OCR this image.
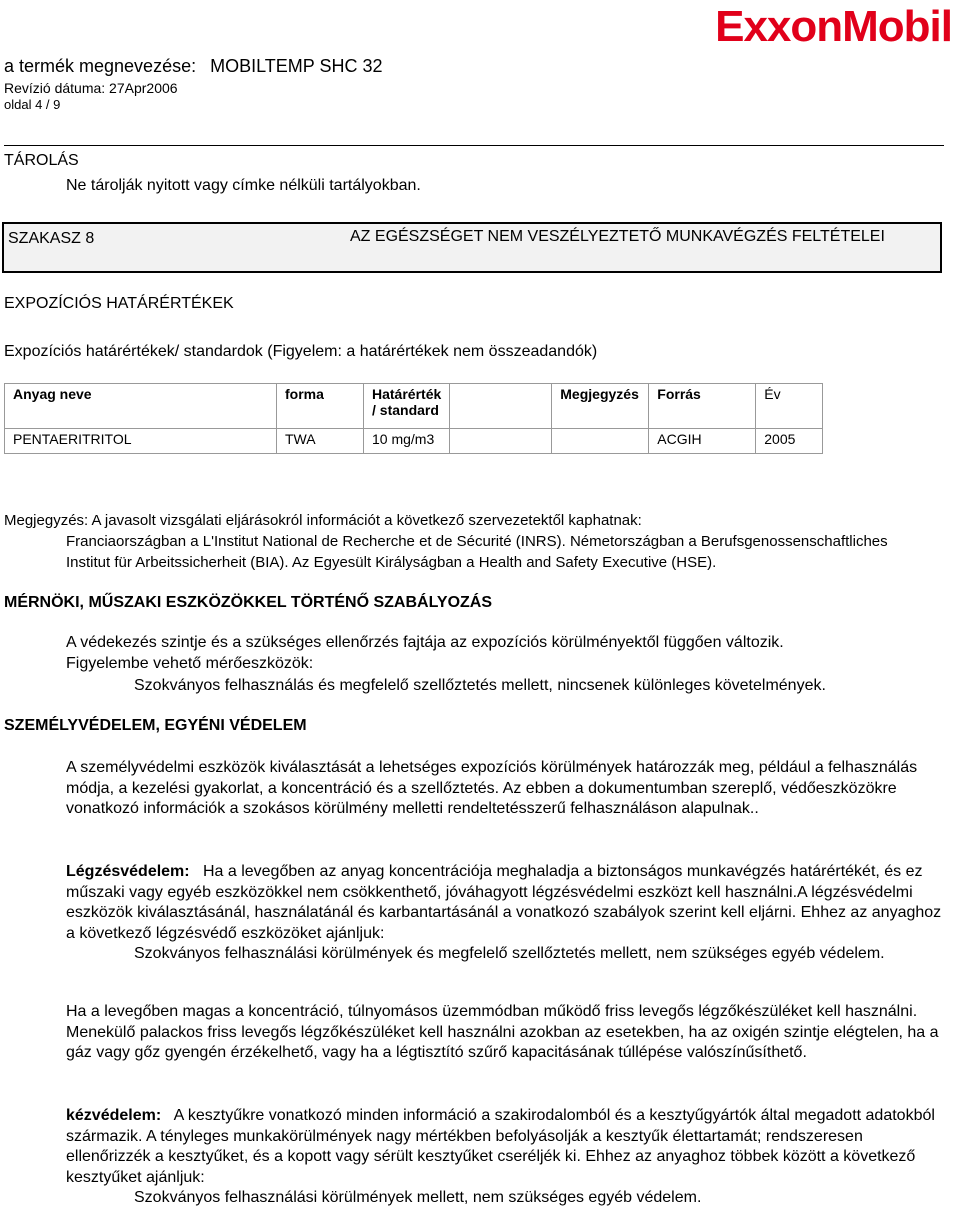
a termék megnevezése: MOBILTEMP SHC 32
Revízió dátuma: 27Apr2006
oldal 4 / 9
ExxonMobil
TÁROLÁS
Ne tárolják nyitott vagy címke nélküli tartályokban.
SZAKASZ 8	AZ EGÉSZSÉGET NEM VESZÉLYEZTETŐ MUNKAVÉGZÉS FELTÉTELEI
EXPOZÍCIÓS HATÁRÉRTÉKEK
Expozíciós határértékek/ standardok (Figyelem: a határértékek nem összeadandók)
Anyag neve	forma	Határérték / standard		Megjegyzés	Forrás	Év
PENTAERITRITOL	TWA	10 mg/m3			ACGIH	2005
Megjegyzés: A javasolt vizsgálati eljárásokról információt a következő szervezetektől kaphatnak:
Franciaországban a L'Institut National de Recherche et de Sécurité (INRS). Németországban a Berufsgenossenschaftliches Institut für Arbeitssicherheit (BIA). Az Egyesült Királyságban a Health and Safety Executive (HSE).
MÉRNÖKI, MŰSZAKI ESZKÖZÖKKEL TÖRTÉNŐ SZABÁLYOZÁS
A védekezés szintje és a szükséges ellenőrzés fajtája az expozíciós körülményektől függően változik.
Figyelembe vehető mérőeszközök:
Szokványos felhasználás és megfelelő szellőztetés mellett, nincsenek különleges követelmények.
SZEMÉLYVÉDELEM, EGYÉNI VÉDELEM
A személyvédelmi eszközök kiválasztását a lehetséges expozíciós körülmények határozzák meg, például a felhasználás módja, a kezelési gyakorlat, a koncentráció és a szellőztetés. Az ebben a dokumentumban szereplő, védőeszközökre vonatkozó információk a szokásos körülmény melletti rendeltetésszerű felhasználáson alapulnak..
Légzésvédelem: Ha a levegőben az anyag koncentrációja meghaladja a biztonságos munkavégzés határértékét, és ez műszaki vagy egyéb eszközökkel nem csökkenthető, jóváhagyott légzésvédelmi eszközt kell használni.A légzésvédelmi eszközök kiválasztásánál, használatánál és karbantartásánál a vonatkozó szabályok szerint kell eljárni. Ehhez az anyaghoz a következő légzésvédő eszközöket ajánljuk:
Szokványos felhasználási körülmények és megfelelő szellőztetés mellett, nem szükséges egyéb védelem.
Ha a levegőben magas a koncentráció, túlnyomásos üzemmódban működő friss levegős légzőkészüléket kell használni. Menekülő palackos friss levegős légzőkészüléket kell használni azokban az esetekben, ha az oxigén szintje elégtelen, ha a gáz vagy gőz gyengén érzékelhető, vagy ha a légtisztító szűrő kapacitásának túllépése valószínűsíthető.
kézvédelem: A kesztyűkre vonatkozó minden információ a szakirodalomból és a kesztyűgyártók által megadott adatokból származik. A tényleges munkakörülmények nagy mértékben befolyásolják a kesztyűk élettartamát; rendszeresen ellenőrizzék a kesztyűket, és a kopott vagy sérült kesztyűket cseréljék ki. Ehhez az anyaghoz többek között a következő kesztyűket ajánljuk:
Szokványos felhasználási körülmények mellett, nem szükséges egyéb védelem.
